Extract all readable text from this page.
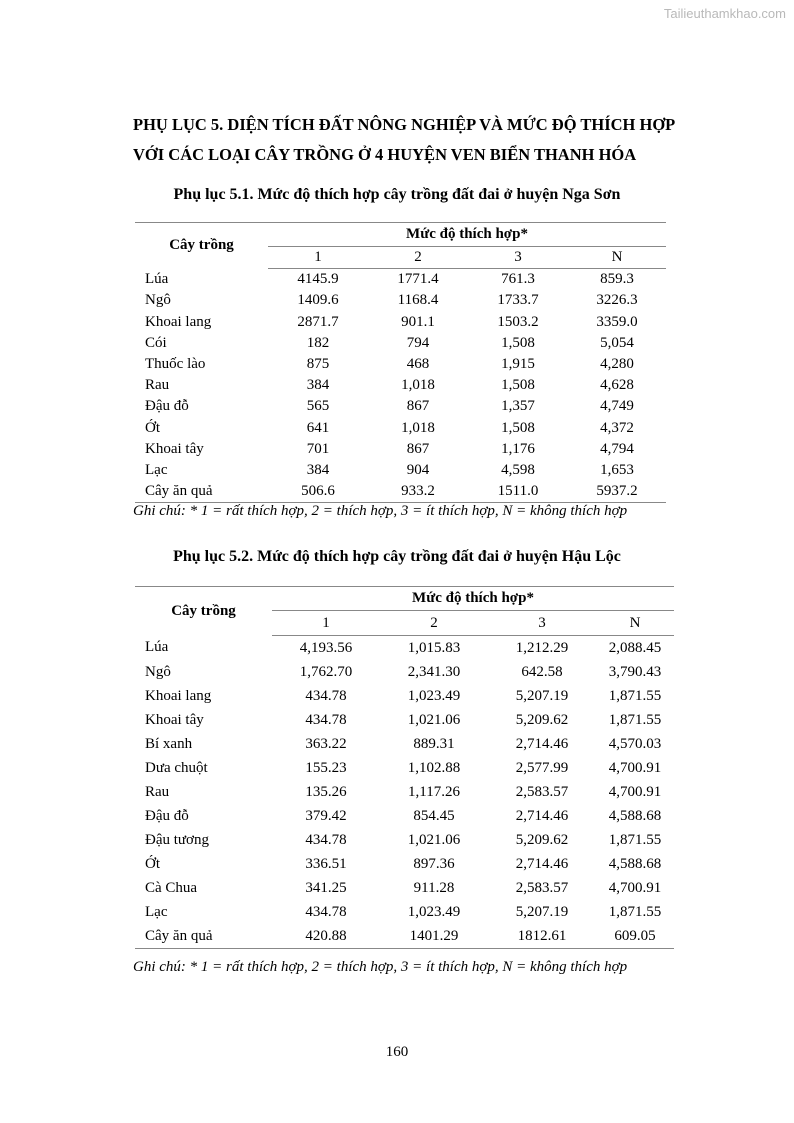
Tailieuthamkhao.com
PHỤ LỤC 5. DIỆN TÍCH ĐẤT NÔNG NGHIỆP VÀ MỨC ĐỘ THÍCH HỢP
VỚI CÁC LOẠI CÂY TRỒNG Ở 4 HUYỆN VEN BIỂN THANH HÓA
Phụ lục 5.1. Mức độ thích hợp cây trồng đất đai ở huyện Nga Sơn
Cây trồng	Mức độ thích hợp*			
	1	2	3	N
Lúa	4145.9	1771.4	761.3	859.3
Ngô	1409.6	1168.4	1733.7	3226.3
Khoai lang	2871.7	901.1	1503.2	3359.0
Cói	182	794	1,508	5,054
Thuốc lào	875	468	1,915	4,280
Rau	384	1,018	1,508	4,628
Đậu đỗ	565	867	1,357	4,749
Ớt	641	1,018	1,508	4,372
Khoai tây	701	867	1,176	4,794
Lạc	384	904	4,598	1,653
Cây ăn quả	506.6	933.2	1511.0	5937.2
Ghi chú: * 1 = rất thích hợp, 2 = thích hợp, 3 = ít thích hợp, N = không thích hợp
Phụ lục 5.2. Mức độ thích hợp cây trồng đất đai ở huyện Hậu Lộc
Cây trồng	Mức độ thích hợp*			
	1	2	3	N
Lúa	4,193.56	1,015.83	1,212.29	2,088.45
Ngô	1,762.70	2,341.30	642.58	3,790.43
Khoai lang	434.78	1,023.49	5,207.19	1,871.55
Khoai tây	434.78	1,021.06	5,209.62	1,871.55
Bí xanh	363.22	889.31	2,714.46	4,570.03
Dưa chuột	155.23	1,102.88	2,577.99	4,700.91
Rau	135.26	1,117.26	2,583.57	4,700.91
Đậu đỗ	379.42	854.45	2,714.46	4,588.68
Đậu tương	434.78	1,021.06	5,209.62	1,871.55
Ớt	336.51	897.36	2,714.46	4,588.68
Cà Chua	341.25	911.28	2,583.57	4,700.91
Lạc	434.78	1,023.49	5,207.19	1,871.55
Cây ăn quả	420.88	1401.29	1812.61	609.05
Ghi chú: * 1 = rất thích hợp, 2 = thích hợp, 3 = ít thích hợp, N = không thích hợp
160
